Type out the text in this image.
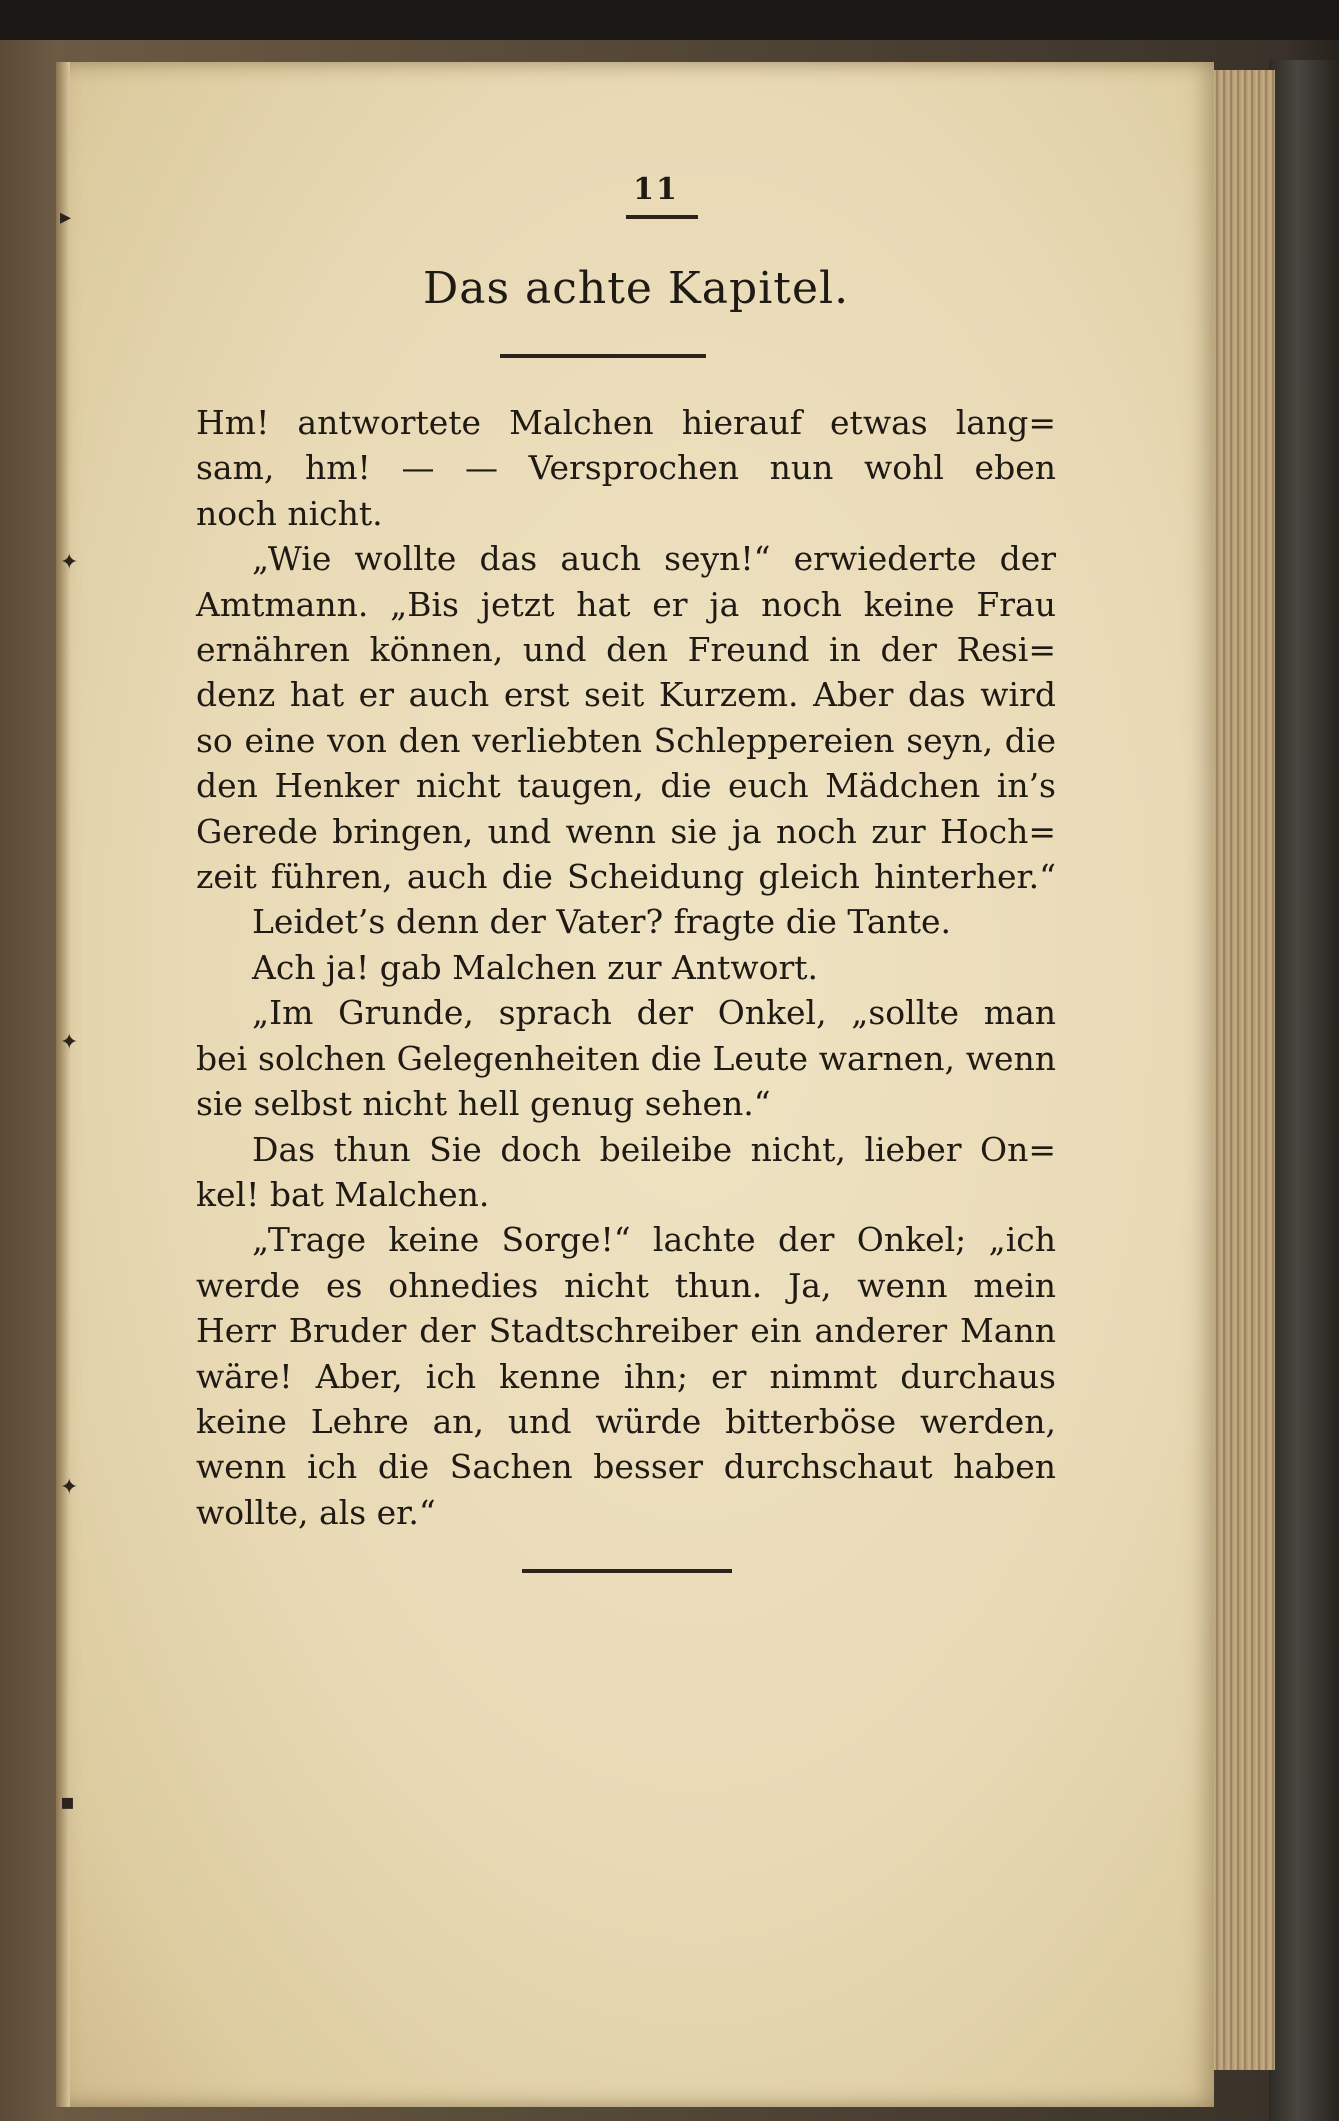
▸
✦
✦
✦
▪
11
Das achte Kapitel.
Hm! antwortete Malchen hierauf etwas lang=
sam, hm! — — Versprochen nun wohl eben
noch nicht.
„Wie wollte das auch seyn!“ erwiederte der
Amtmann. „Bis jetzt hat er ja noch keine Frau
ernähren können, und den Freund in der Resi=
denz hat er auch erst seit Kurzem. Aber das wird
so eine von den verliebten Schleppereien seyn, die
den Henker nicht taugen, die euch Mädchen in’s
Gerede bringen, und wenn sie ja noch zur Hoch=
zeit führen, auch die Scheidung gleich hinterher.“
Leidet’s denn der Vater? fragte die Tante.
Ach ja! gab Malchen zur Antwort.
„Im Grunde, sprach der Onkel, „sollte man
bei solchen Gelegenheiten die Leute warnen, wenn
sie selbst nicht hell genug sehen.“
Das thun Sie doch beileibe nicht, lieber On=
kel! bat Malchen.
„Trage keine Sorge!“ lachte der Onkel; „ich
werde es ohnedies nicht thun. Ja, wenn mein
Herr Bruder der Stadtschreiber ein anderer Mann
wäre! Aber, ich kenne ihn; er nimmt durchaus
keine Lehre an, und würde bitterböse werden,
wenn ich die Sachen besser durchschaut haben
wollte, als er.“
